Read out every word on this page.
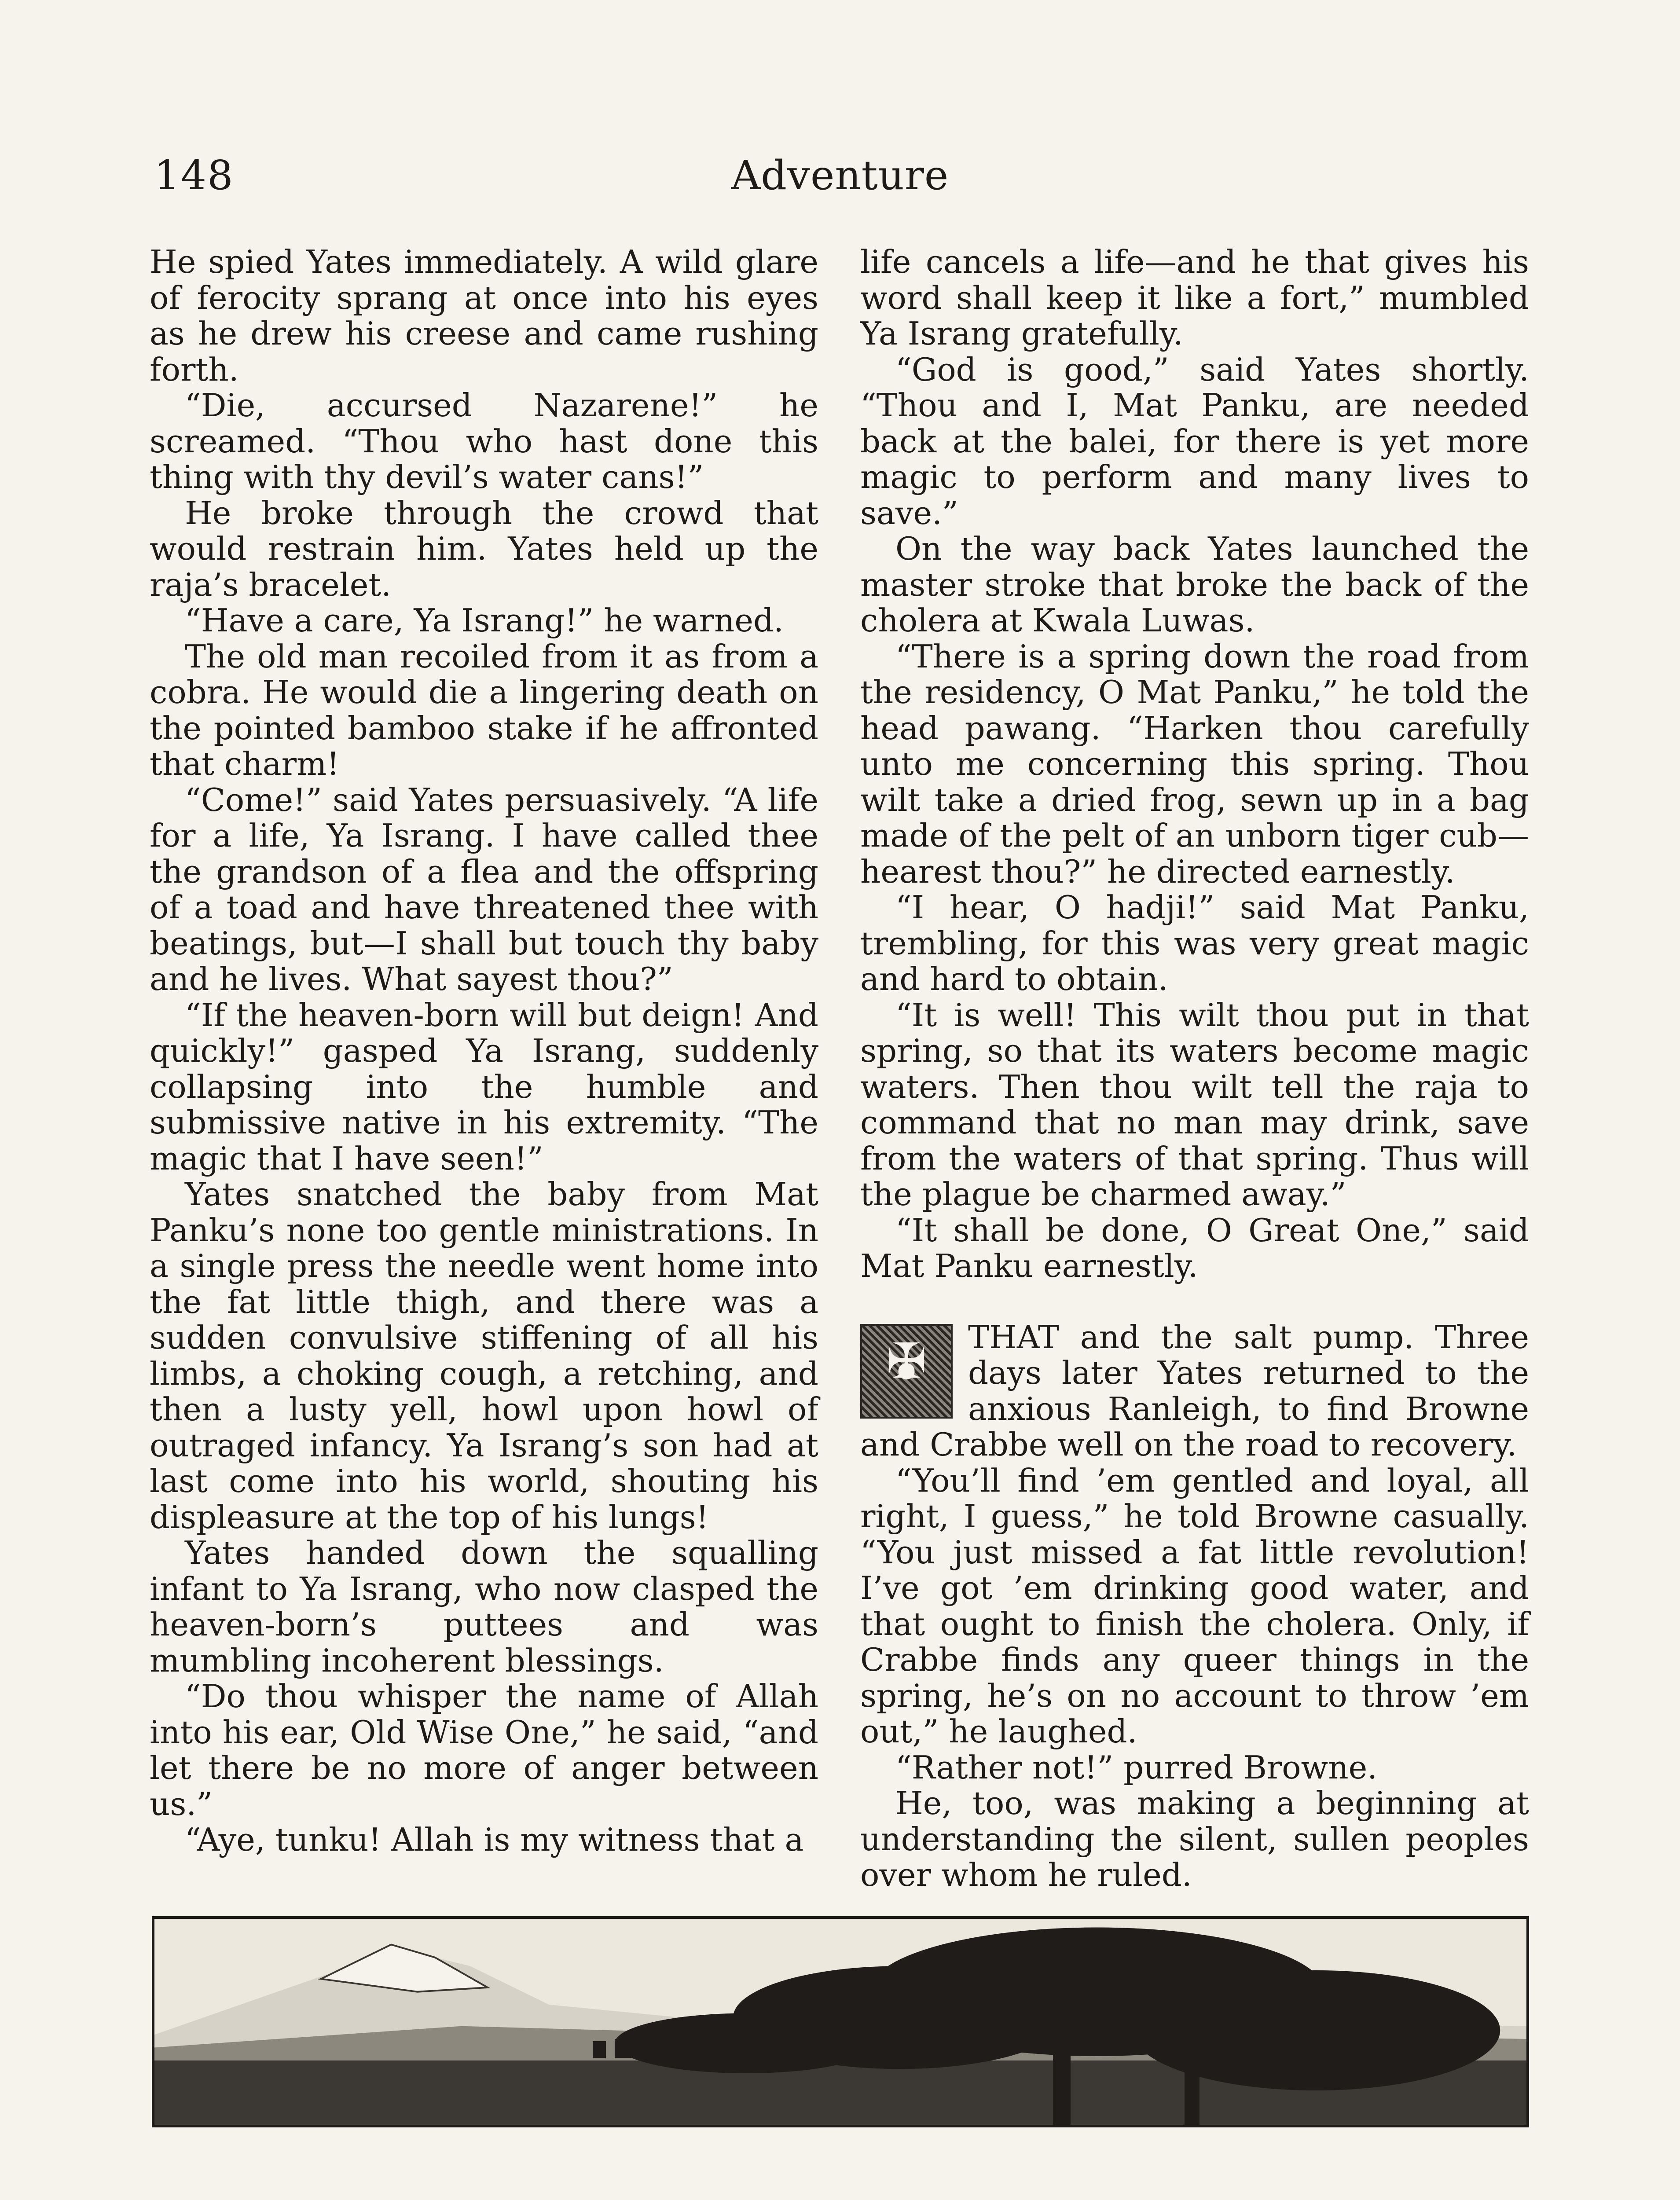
148	Adventure

He spied Yates immediately. A wild glare of ferocity sprang at once into his eyes as he drew his creese and came rushing forth.

“Die, accursed Nazarene!” he screamed. “Thou who hast done this thing with thy devil’s water cans!”

He broke through the crowd that would restrain him. Yates held up the raja’s bracelet.

“Have a care, Ya Israng!” he warned.

The old man recoiled from it as from a cobra. He would die a lingering death on the pointed bamboo stake if he affronted that charm!

“Come!” said Yates persuasively. “A life for a life, Ya Israng. I have called thee the grandson of a flea and the offspring of a toad and have threatened thee with beatings, but—I shall but touch thy baby and he lives. What sayest thou?”

“If the heaven-born will but deign! And quickly!” gasped Ya Israng, suddenly collapsing into the humble and submissive native in his extremity. “The magic that I have seen!”

Yates snatched the baby from Mat Panku’s none too gentle ministrations. In a single press the needle went home into the fat little thigh, and there was a sudden convulsive stiffening of all his limbs, a choking cough, a retching, and then a lusty yell, howl upon howl of outraged infancy. Ya Israng’s son had at last come into his world, shouting his displeasure at the top of his lungs!

Yates handed down the squalling infant to Ya Israng, who now clasped the heaven-born’s puttees and was mumbling incoherent blessings.

“Do thou whisper the name of Allah into his ear, Old Wise One,” he said, “and let there be no more of anger between us.”

“Aye, tunku! Allah is my witness that a

life cancels a life—and he that gives his word shall keep it like a fort,” mumbled Ya Israng gratefully.

“God is good,” said Yates shortly. “Thou and I, Mat Panku, are needed back at the balei, for there is yet more magic to perform and many lives to save.”

On the way back Yates launched the master stroke that broke the back of the cholera at Kwala Luwas.

“There is a spring down the road from the residency, O Mat Panku,” he told the head pawang. “Harken thou carefully unto me concerning this spring. Thou wilt take a dried frog, sewn up in a bag made of the pelt of an unborn tiger cub—hearest thou?” he directed earnestly.

“I hear, O hadji!” said Mat Panku, trembling, for this was very great magic and hard to obtain.

“It is well! This wilt thou put in that spring, so that its waters become magic waters. Then thou wilt tell the raja to command that no man may drink, save from the waters of that spring. Thus will the plague be charmed away.”

“It shall be done, O Great One,” said Mat Panku earnestly.

✠
THAT and the salt pump. Three days later Yates returned to the anxious Ranleigh, to find Browne and Crabbe well on the road to recovery.

“You’ll find ’em gentled and loyal, all right, I guess,” he told Browne casually. “You just missed a fat little revolution! I’ve got ’em drinking good water, and that ought to finish the cholera. Only, if Crabbe finds any queer things in the spring, he’s on no account to throw ’em out,” he laughed.

“Rather not!” purred Browne.

He, too, was making a beginning at understanding the silent, sullen peoples over whom he ruled.
